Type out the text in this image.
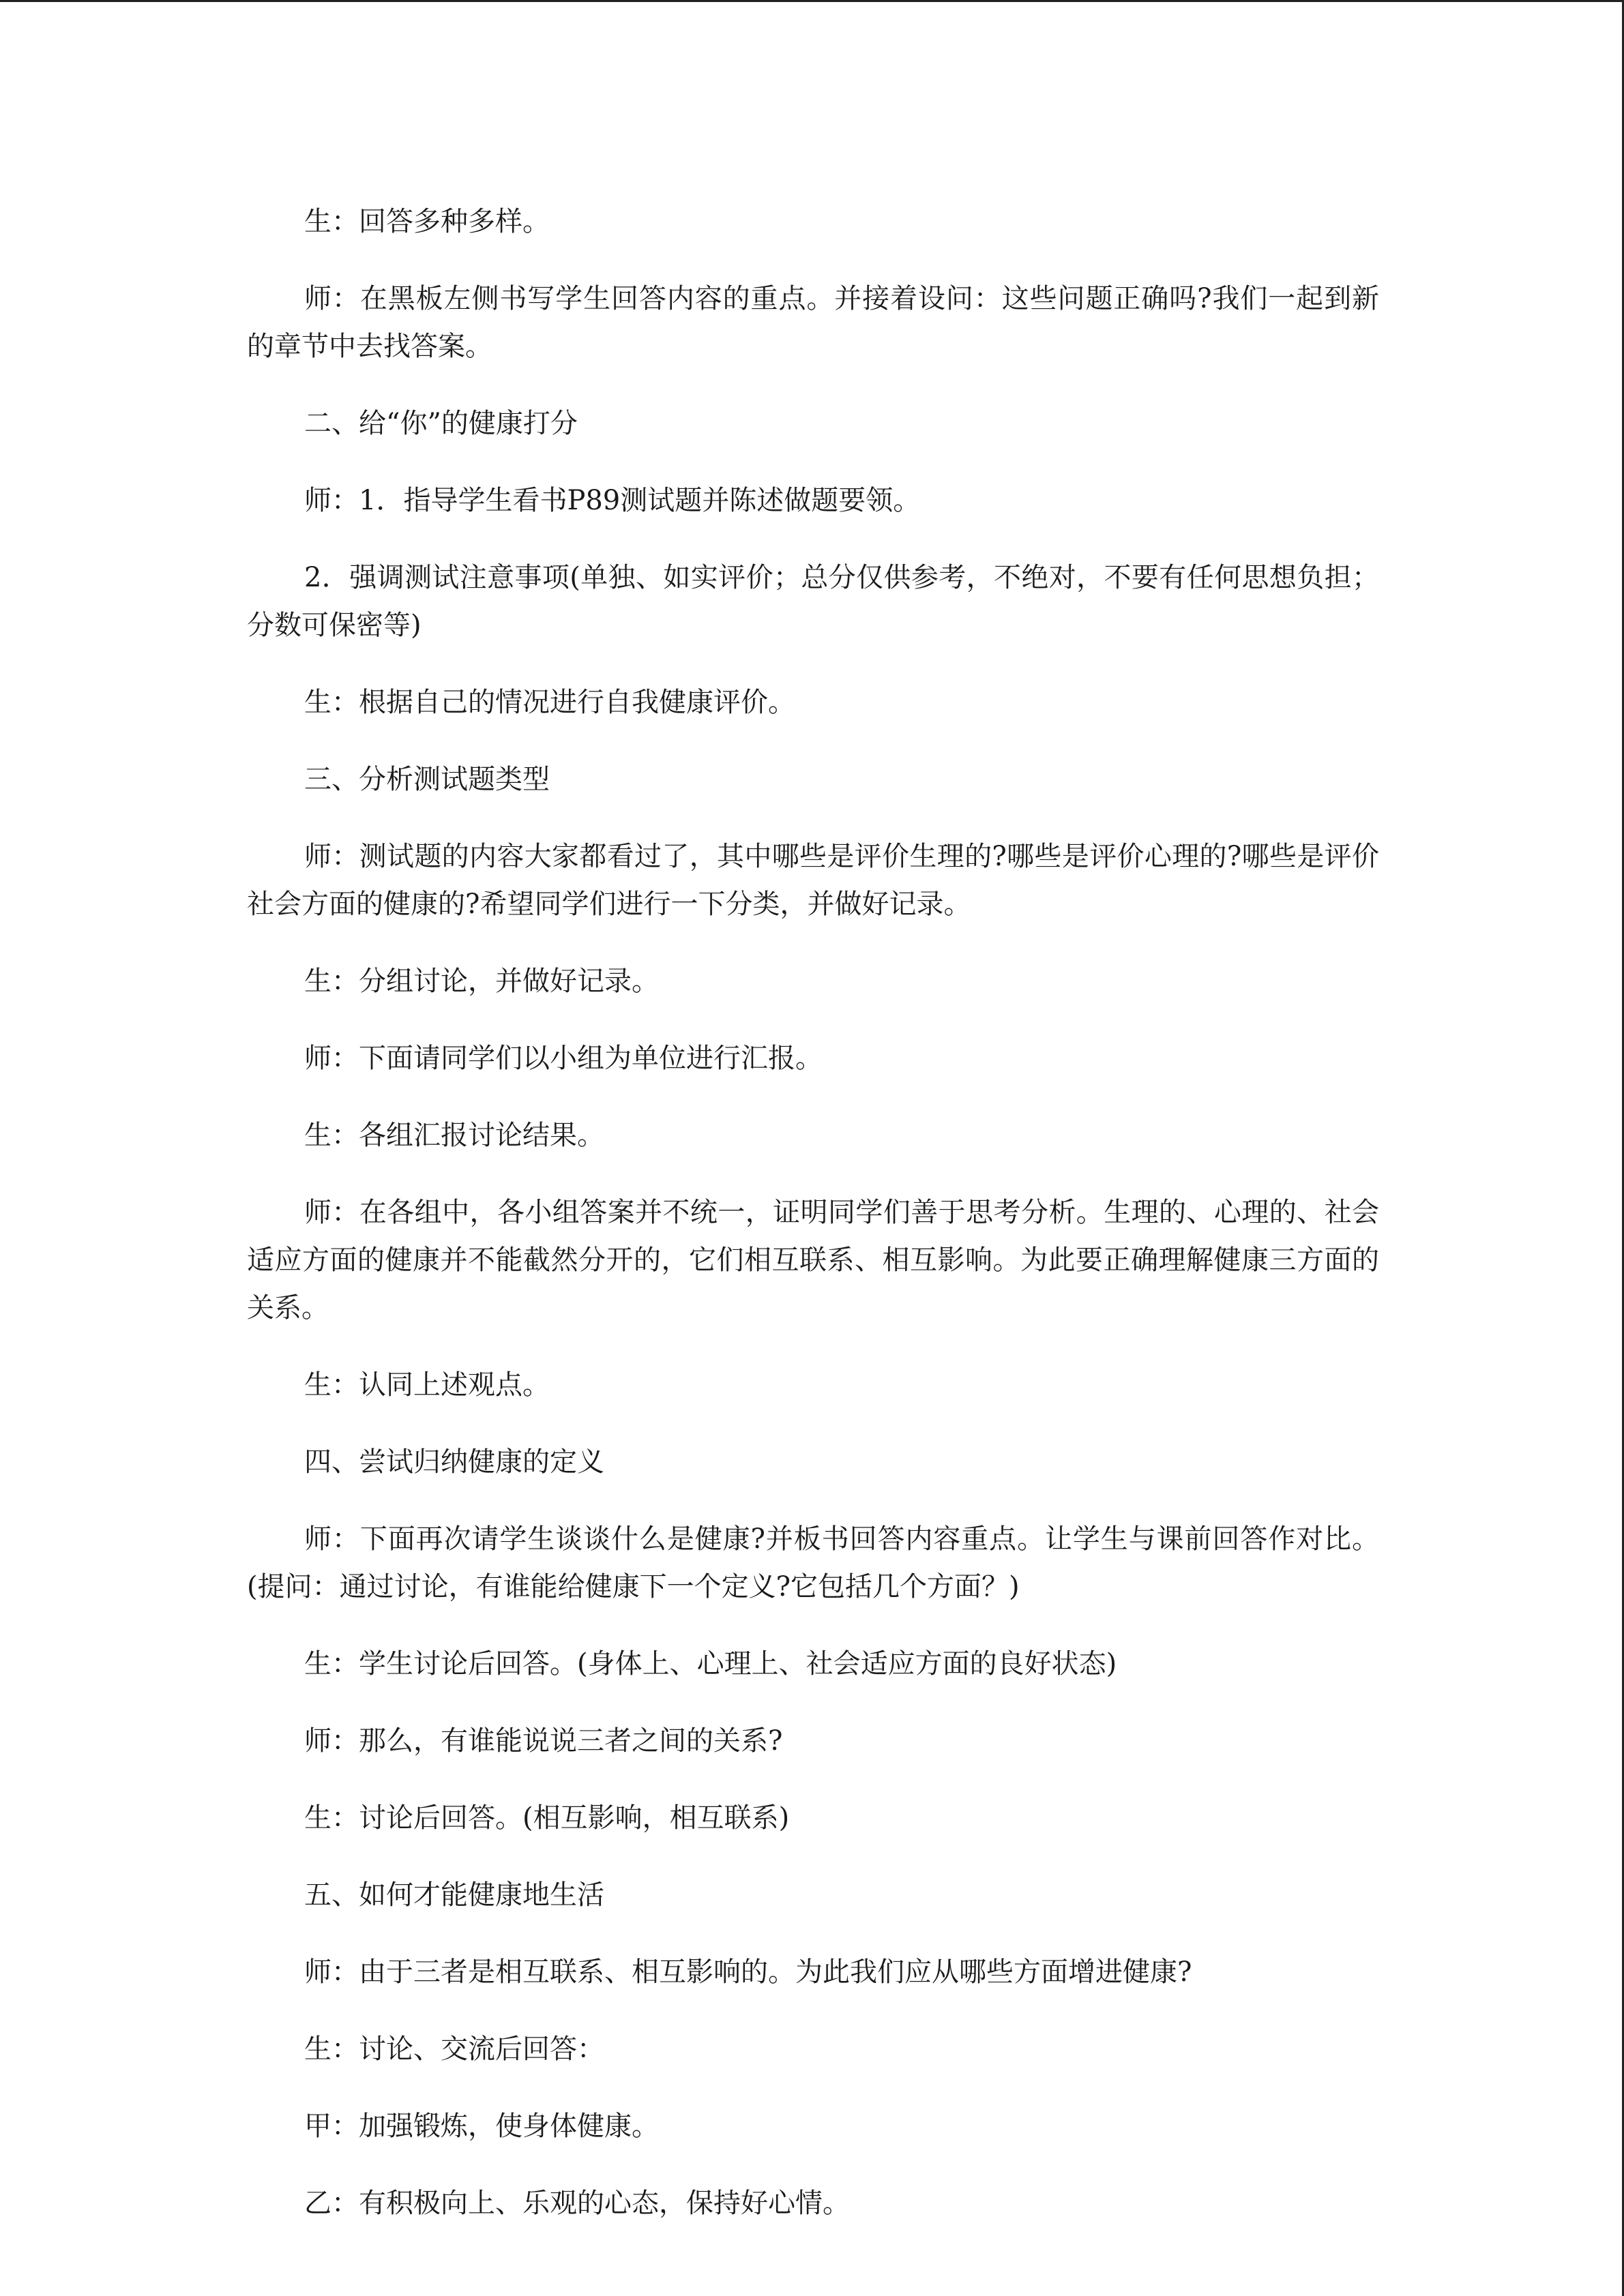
生：回答多种多样。

师：在黑板左侧书写学生回答内容的重点。并接着设问：这些问题正确吗?我们一起到新的章节中去找答案。

二、给“你”的健康打分

师：1．指导学生看书P89测试题并陈述做题要领。

2．强调测试注意事项(单独、如实评价；总分仅供参考，不绝对，不要有任何思想负担；分数可保密等)

生：根据自己的情况进行自我健康评价。

三、分析测试题类型

师：测试题的内容大家都看过了，其中哪些是评价生理的?哪些是评价心理的?哪些是评价社会方面的健康的?希望同学们进行一下分类，并做好记录。

生：分组讨论，并做好记录。

师：下面请同学们以小组为单位进行汇报。

生：各组汇报讨论结果。

师：在各组中，各小组答案并不统一，证明同学们善于思考分析。生理的、心理的、社会适应方面的健康并不能截然分开的，它们相互联系、相互影响。为此要正确理解健康三方面的关系。

生：认同上述观点。

四、尝试归纳健康的定义

师：下面再次请学生谈谈什么是健康?并板书回答内容重点。让学生与课前回答作对比。(提问：通过讨论，有谁能给健康下一个定义?它包括几个方面？)

生：学生讨论后回答。(身体上、心理上、社会适应方面的良好状态)

师：那么，有谁能说说三者之间的关系?

生：讨论后回答。(相互影响，相互联系)

五、如何才能健康地生活

师：由于三者是相互联系、相互影响的。为此我们应从哪些方面增进健康?

生：讨论、交流后回答：

甲：加强锻炼，使身体健康。

乙：有积极向上、乐观的心态，保持好心情。
